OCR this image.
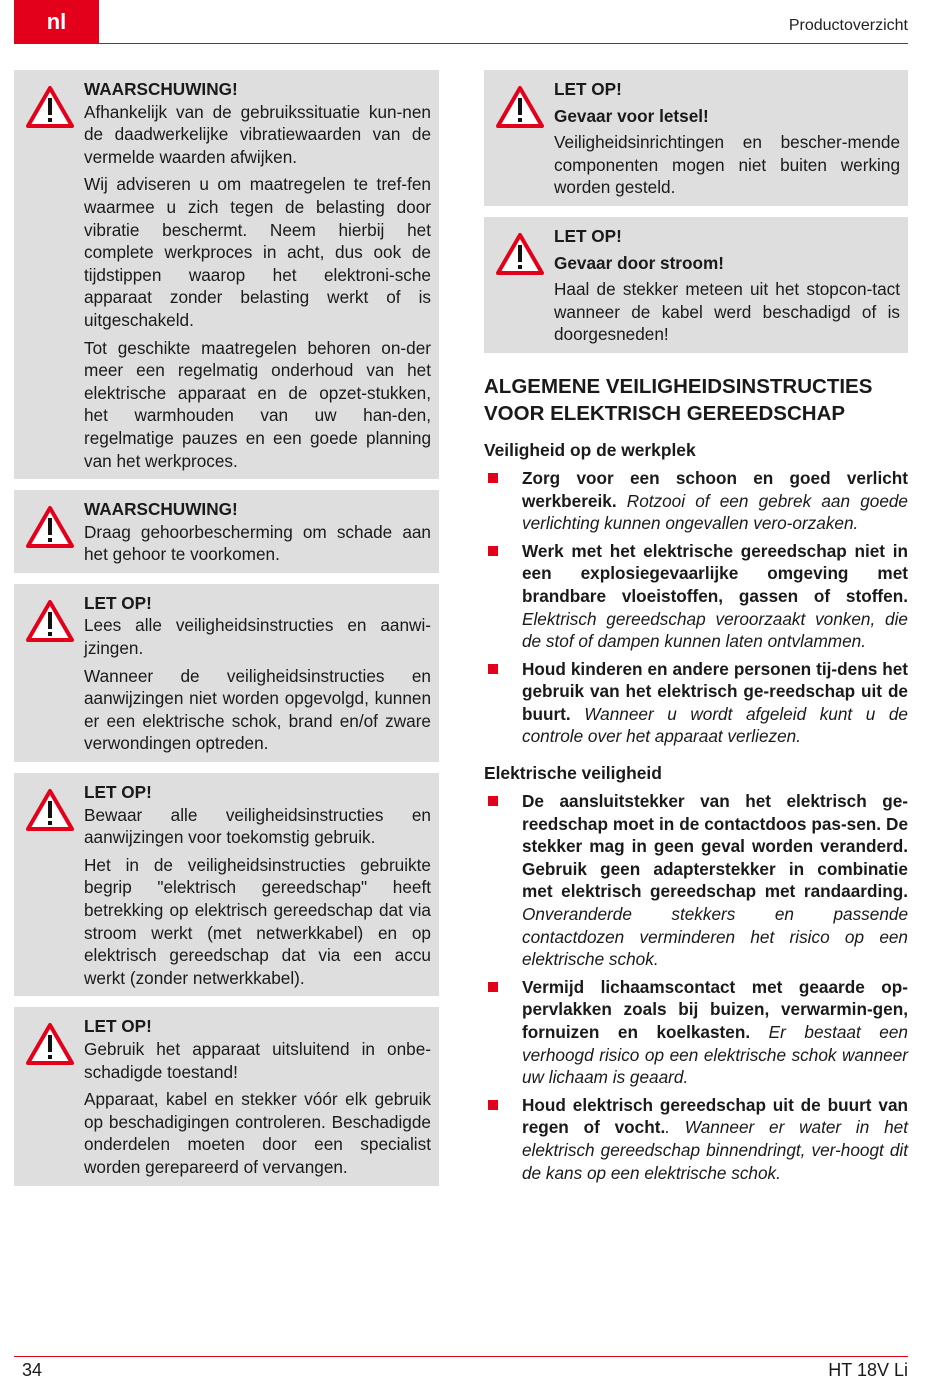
nl	Productoverzicht
WAARSCHUWING!

Afhankelijk van de gebruikssituatie kun-nen de daadwerkelijke vibratiewaarden van de vermelde waarden afwijken.

Wij adviseren u om maatregelen te tref-fen waarmee u zich tegen de belasting door vibratie beschermt. Neem hierbij het complete werkproces in acht, dus ook de tijdstippen waarop het elektroni-sche apparaat zonder belasting werkt of is uitgeschakeld.

Tot geschikte maatregelen behoren on-der meer een regelmatig onderhoud van het elektrische apparaat en de opzet-stukken, het warmhouden van uw han-den, regelmatige pauzes en een goede planning van het werkproces.

WAARSCHUWING!

Draag gehoorbescherming om schade aan het gehoor te voorkomen.

LET OP!

Lees alle veiligheidsinstructies en aanwi-jzingen.

Wanneer de veiligheidsinstructies en aanwijzingen niet worden opgevolgd, kunnen er een elektrische schok, brand en/of zware verwondingen optreden.

LET OP!

Bewaar alle veiligheidsinstructies en aanwijzingen voor toekomstig gebruik.

Het in de veiligheidsinstructies gebruikte begrip "elektrisch gereedschap" heeft betrekking op elektrisch gereedschap dat via stroom werkt (met netwerkkabel) en op elektrisch gereedschap dat via een accu werkt (zonder netwerkkabel).

LET OP!

Gebruik het apparaat uitsluitend in onbe-schadigde toestand!

Apparaat, kabel en stekker vóór elk gebruik op beschadigingen controleren. Beschadigde onderdelen moeten door een specialist worden gerepareerd of vervangen.

LET OP!
Gevaar voor letsel!

Veiligheidsinrichtingen en bescher-mende componenten mogen niet buiten werking worden gesteld.

LET OP!
Gevaar door stroom!

Haal de stekker meteen uit het stopcon-tact wanneer de kabel werd beschadigd of is doorgesneden!

ALGEMENE VEILIGHEIDSINSTRUCTIES VOOR ELEKTRISCH GEREEDSCHAP
Veiligheid op de werkplek
Zorg voor een schoon en goed verlicht werkbereik. Rotzooi of een gebrek aan goede verlichting kunnen ongevallen vero-orzaken.
Werk met het elektrische gereedschap niet in een explosiegevaarlijke omgeving met brandbare vloeistoffen, gassen of stoffen. Elektrisch gereedschap veroorzaakt vonken, die de stof of dampen kunnen laten ontvlammen.
Houd kinderen en andere personen tij-dens het gebruik van het elektrisch ge-reedschap uit de buurt. Wanneer u wordt afgeleid kunt u de controle over het apparaat verliezen.
Elektrische veiligheid
De aansluitstekker van het elektrisch ge-reedschap moet in de contactdoos pas-sen. De stekker mag in geen geval worden veranderd. Gebruik geen adapterstekker in combinatie met elektrisch gereedschap met randaarding. Onveranderde stekkers en passende contactdozen verminderen het risico op een elektrische schok.
Vermijd lichaamscontact met geaarde op-pervlakken zoals bij buizen, verwarmin-gen, fornuizen en koelkasten. Er bestaat een verhoogd risico op een elektrische schok wanneer uw lichaam is geaard.
Houd elektrisch gereedschap uit de buurt van regen of vocht.. Wanneer er water in het elektrisch gereedschap binnendringt, ver-hoogt dit de kans op een elektrische schok.
34	HT 18V Li
